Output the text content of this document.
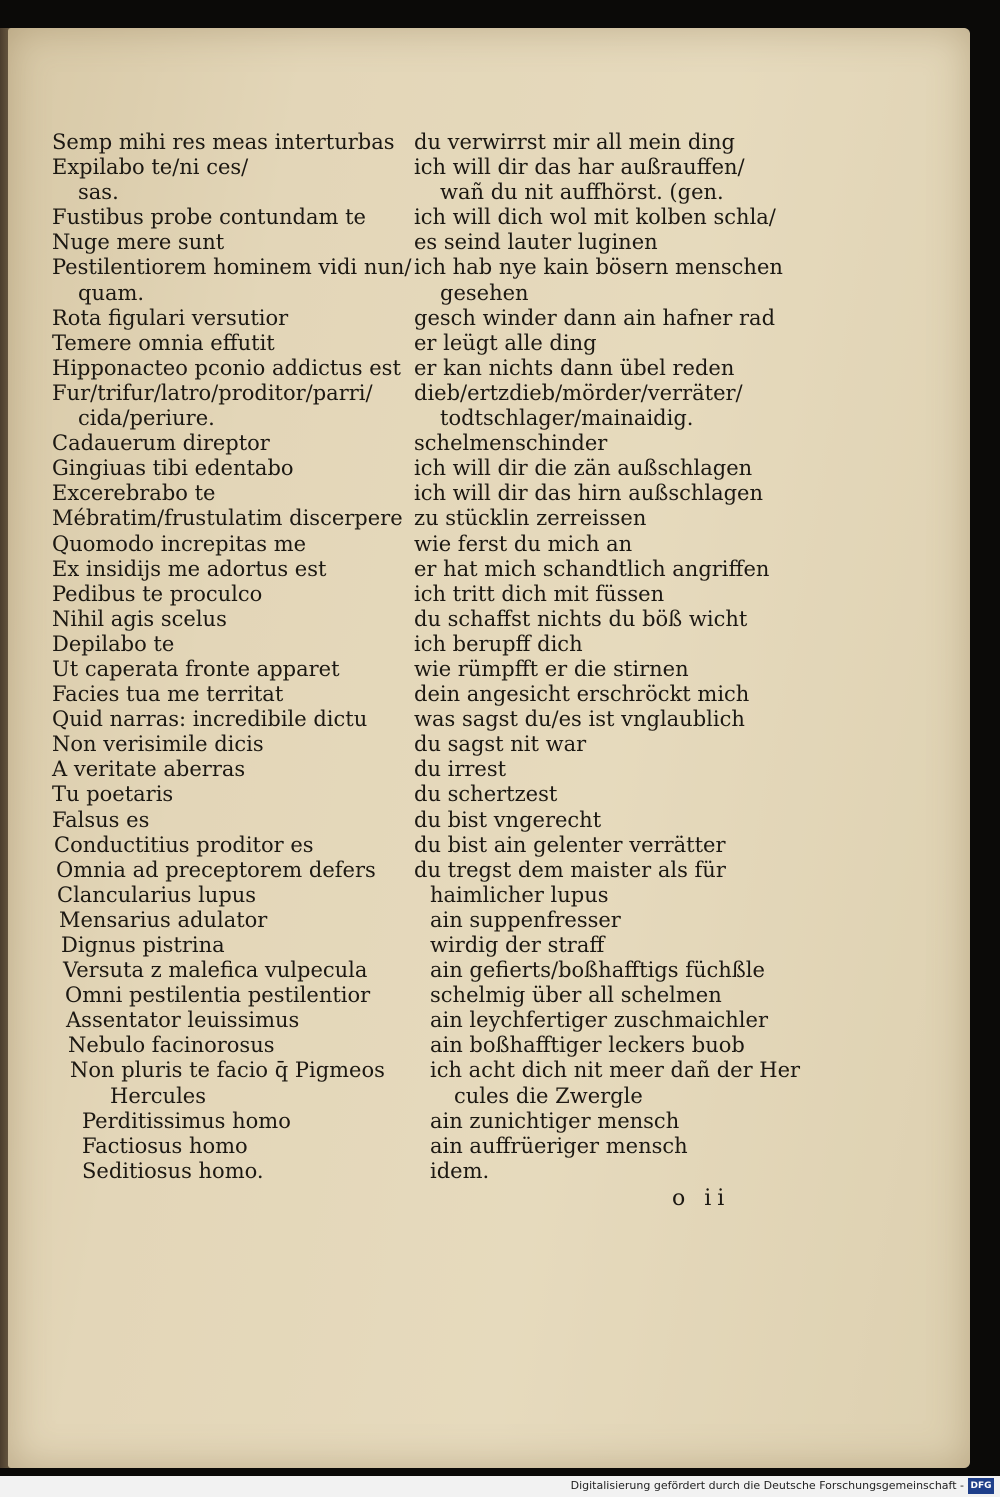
Semp mihi res meas interturbas
Expilabo te/ni ces/
sas.
Fustibus probe contundam te
Nuge mere sunt
Pestilentiorem hominem vidi nun/
quam.
Rota figulari versutior
Temere omnia effutit
Hipponacteo pconio addictus est
Fur/trifur/latro/proditor/parri/
cida/periure.
Cadauerum direptor
Gingiuas tibi edentabo
Excerebrabo te
Mébratim/frustulatim discerpere
Quomodo increpitas me
Ex insidijs me adortus est
Pedibus te proculco
Nihil agis scelus
Depilabo te
Ut caperata fronte apparet
Facies tua me territat
Quid narras: incredibile dictu
Non verisimile dicis
A veritate aberras
Tu poetaris
Falsus es
Conductitius proditor es
Omnia ad preceptorem defers
Clancularius lupus
Mensarius adulator
Dignus pistrina
Versuta z malefica vulpecula
Omni pestilentia pestilentior
Assentator leuissimus
Nebulo facinorosus
Non pluris te facio q̄ Pigmeos
Hercules
Perditissimus homo
Factiosus homo
Seditiosus homo.
du verwirrst mir all mein ding
ich will dir das har außrauffen/
wañ du nit auffhörst. (gen.
ich will dich wol mit kolben schla/
es seind lauter luginen
ich hab nye kain bösern menschen
gesehen
gesch winder dann ain hafner rad
er leügt alle ding
er kan nichts dann übel reden
dieb/ertzdieb/mörder/verräter/
todtschlager/mainaidig.
schelmenschinder
ich will dir die zän außschlagen
ich will dir das hirn außschlagen
zu stücklin zerreissen
wie ferst du mich an
er hat mich schandtlich angriffen
ich tritt dich mit füssen
du schaffst nichts du böß wicht
ich berupff dich
wie rümpfft er die stirnen
dein angesicht erschröckt mich
was sagst du/es ist vnglaublich
du sagst nit war
du irrest
du schertzest
du bist vngerecht
du bist ain gelenter verrätter
du tregst dem maister als für
haimlicher lupus
ain suppenfresser
wirdig der straff
ain gefierts/boßhafftigs füchßle
schelmig über all schelmen
ain leychfertiger zuschmaichler
ain boßhafftiger leckers buob
ich acht dich nit meer dañ der Her
cules die Zwergle
ain zunichtiger mensch
ain auffrüeriger mensch
idem.
o ii
Digitalisierung gefördert durch die Deutsche Forschungsgemeinschaft - DFG
